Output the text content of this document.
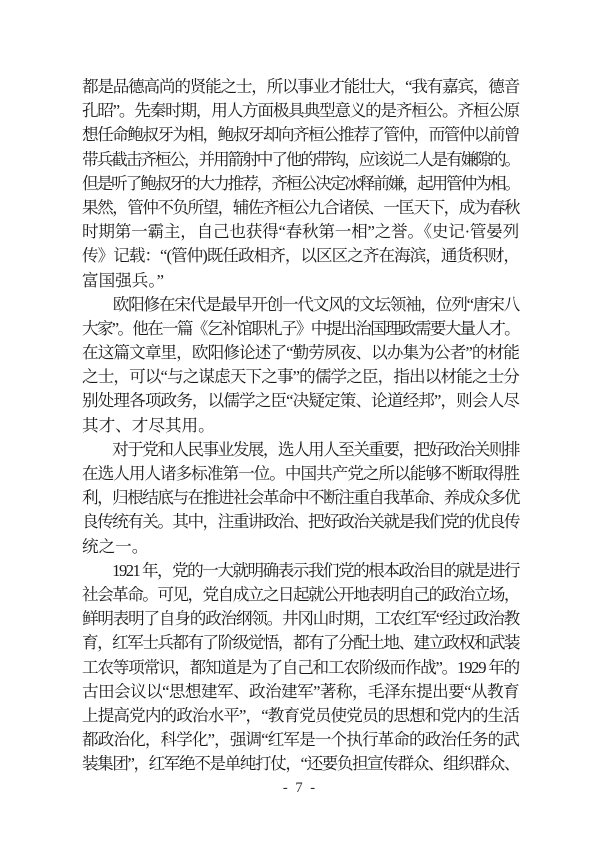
都是品德高尚的贤能之士，所以事业才能壮大，“我有嘉宾，德音
孔昭”。先秦时期，用人方面极具典型意义的是齐桓公。齐桓公原
想任命鲍叔牙为相，鲍叔牙却向齐桓公推荐了管仲，而管仲以前曾
带兵截击齐桓公，并用箭射中了他的带钩，应该说二人是有嫌隙的。
但是听了鲍叔牙的大力推荐，齐桓公决定冰释前嫌，起用管仲为相。
果然，管仲不负所望，辅佐齐桓公九合诸侯、一匡天下，成为春秋
时期第一霸主，自己也获得“春秋第一相”之誉。《史记·管晏列
传》记载：“(管仲)既任政相齐，以区区之齐在海滨，通货积财，
富国强兵。”

　　欧阳修在宋代是最早开创一代文风的文坛领袖，位列“唐宋八
大家”。他在一篇《乞补馆职札子》中提出治国理政需要大量人才。
在这篇文章里，欧阳修论述了“勤劳夙夜、以办集为公者”的材能
之士，可以“与之谋虑天下之事”的儒学之臣，指出以材能之士分
别处理各项政务，以儒学之臣“决疑定策、论道经邦”，则会人尽
其才、才尽其用。

　　对于党和人民事业发展，选人用人至关重要，把好政治关则排
在选人用人诸多标准第一位。中国共产党之所以能够不断取得胜
利，归根结底与在推进社会革命中不断注重自我革命、养成众多优
良传统有关。其中，注重讲政治、把好政治关就是我们党的优良传
统之一。

　　1921 年，党的一大就明确表示我们党的根本政治目的就是进行
社会革命。可见，党自成立之日起就公开地表明自己的政治立场，
鲜明表明了自身的政治纲领。井冈山时期，工农红军“经过政治教
育，红军士兵都有了阶级觉悟，都有了分配土地、建立政权和武装
工农等项常识，都知道是为了自己和工农阶级而作战”。1929 年的
古田会议以“思想建军、政治建军”著称，毛泽东提出要“从教育
上提高党内的政治水平”，“教育党员使党员的思想和党内的生活
都政治化，科学化”，强调“红军是一个执行革命的政治任务的武
装集团”，红军绝不是单纯打仗，“还要负担宣传群众、组织群众、

- 7 -
